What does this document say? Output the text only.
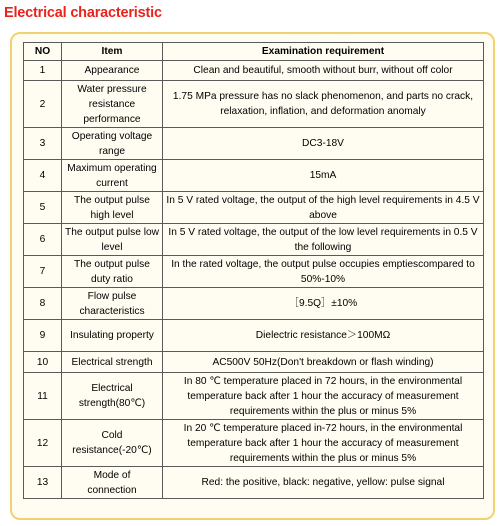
Electrical characteristic
NO	Item	Examination requirement
1	Appearance	Clean and beautiful, smooth without burr, without off color
2	Water pressure resistance performance	1.75 MPa pressure has no slack phenomenon, and parts no crack, relaxation, inflation, and deformation anomaly
3	Operating voltage range	DC3-18V
4	Maximum operating current	15mA
5	The output pulse high level	In 5 V rated voltage, the output of the high level requirements in 4.5 V above
6	The output pulse low level	In 5 V rated voltage, the output of the low level requirements in 0.5 V the following
7	The output pulse duty ratio	In the rated voltage, the output pulse occupies emptiescompared to 50%-10%
8	Flow pulse characteristics	［9.5Q］±10%
9	Insulating property	Dielectric resistance＞100MΩ
10	Electrical strength	AC500V 50Hz(Don't breakdown or flash winding)
11	Electrical strength(80℃)	In 80 ℃ temperature placed in 72 hours, in the environmental temperature back after 1 hour the accuracy of measurement requirements within the plus or minus 5%
12	Cold resistance(-20℃)	In 20 ℃ temperature placed in-72 hours, in the environmental temperature back after 1 hour the accuracy of measurement requirements within the plus or minus 5%
13	Mode of connection	Red: the positive, black: negative, yellow: pulse signal
